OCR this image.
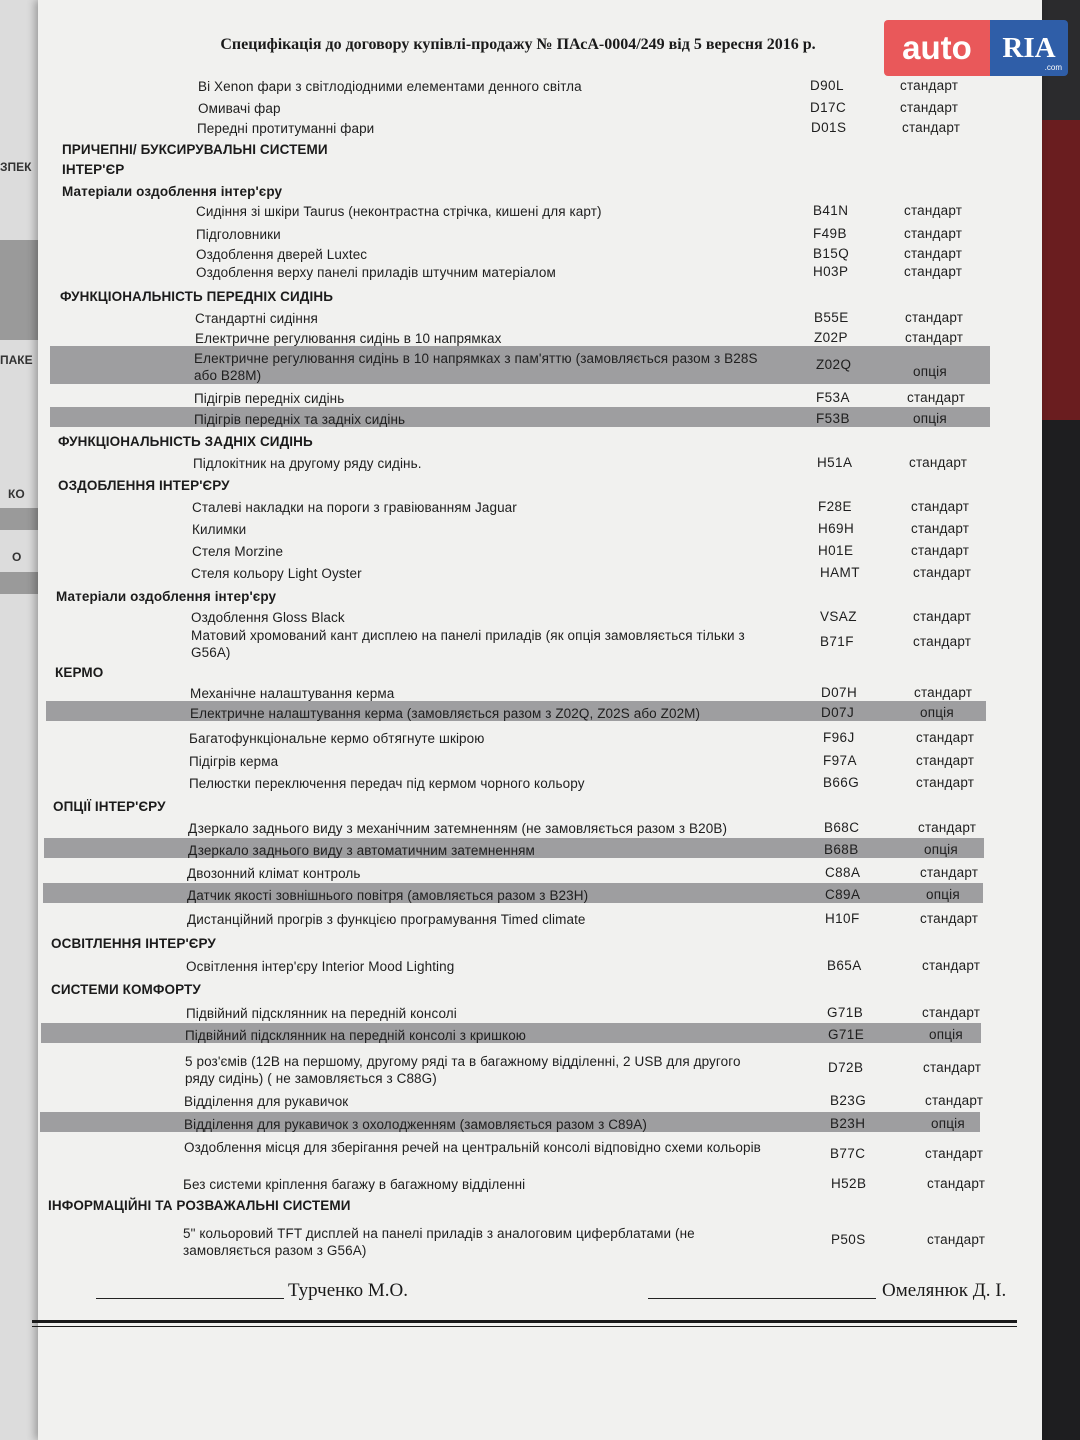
ЗПЕК
ПАКЕ
КО
О
Специфікація до договору купівлі-продажу № ПАсА-0004/249 від 5 вересня 2016 р.
Bi Xenon фари з світлодіодними елементами денного світла	D90L	стандарт
Омивачі фар	D17C	стандарт
Передні протитуманні фари	D01S	стандарт
ПРИЧЕПНІ/ БУКСИРУВАЛЬНІ СИСТЕМИ
ІНТЕР'ЄР
Матеріали оздоблення інтер'єру
Сидіння зі шкіри Taurus (неконтрастна стрічка, кишені для карт)	B41N	стандарт
Підголовники	F49B	стандарт
Оздоблення дверей Luxtec	B15Q	стандарт
Оздоблення верху панелі приладів штучним матеріалом	H03P	стандарт
ФУНКЦІОНАЛЬНІСТЬ ПЕРЕДНІХ СИДІНЬ
Стандартні сидіння	B55E	стандарт
Електричне регулювання сидінь в 10 напрямках	Z02P	стандарт
Електричне регулювання сидінь в 10 напрямках з пам'яттю (замовляється разом з B28S або B28M)
Z02Q	опція
Підігрів передніх сидінь	F53A	стандарт
Підігрів передніх та задніх сидінь	F53B	опція
ФУНКЦІОНАЛЬНІСТЬ ЗАДНІХ СИДІНЬ
Підлокітник на другому ряду сидінь.	H51A	стандарт
ОЗДОБЛЕННЯ ІНТЕР'ЄРУ
Сталеві накладки на пороги з гравіюванням Jaguar	F28E	стандарт
Килимки	H69H	стандарт
Стеля Morzine	H01E	стандарт
Стеля кольору Light Oyster	HAMT	стандарт
Матеріали оздоблення інтер'єру
Оздоблення Gloss Black	VSAZ	стандарт
Матовий хромований кант дисплею на панелі приладів (як опція замовляється тільки з G56A)
B71F	стандарт
КЕРМО
Механічне налаштування керма	D07H	стандарт
Електричне налаштування керма (замовляється разом з Z02Q, Z02S або Z02M)	D07J	опція
Багатофункціональне кермо обтягнуте шкірою	F96J	стандарт
Підігрів керма	F97A	стандарт
Пелюстки переключення передач під кермом чорного кольору	B66G	стандарт
ОПЦІЇ ІНТЕР'ЄРУ
Дзеркало заднього виду з механічним затемненням (не замовляється разом з B20B)	B68C	стандарт
Дзеркало заднього виду з автоматичним затемненням	B68B	опція
Двозонний клімат контроль	C88A	стандарт
Датчик якості зовнішнього повітря (амовляється разом з B23H)	C89A	опція
Дистанційний прогрів з функцією програмування Timed climate	H10F	стандарт
ОСВІТЛЕННЯ ІНТЕР'ЄРУ
Освітлення інтер'єру Interior Mood Lighting	B65A	стандарт
СИСТЕМИ КОМФОРТУ
Підвійний підсклянник на передній консолі	G71B	стандарт
Підвійний підсклянник на передній консолі з кришкою	G71E	опція
5 роз'ємів (12В на першому, другому ряді та в багажному відділенні, 2 USB для другого ряду сидінь) ( не замовляється з C88G)
D72B	стандарт
Відділення для рукавичок	B23G	стандарт
Відділення для рукавичок з охолодженням (замовляється разом з C89A)	B23H	опція
Оздоблення місця для зберігання речей на центральній консолі відповідно схеми кольорів	B77C	стандарт
Без системи кріплення багажу в багажному відділенні	H52B	стандарт
ІНФОРМАЦІЙНІ ТА РОЗВАЖАЛЬНІ СИСТЕМИ
5" кольоровий TFT дисплей на панелі приладів з аналоговим циферблатами (не замовляється разом з G56A)
P50S	стандарт
Турченко М.О.	Омелянюк Д. І.
auto	RIA
.com
